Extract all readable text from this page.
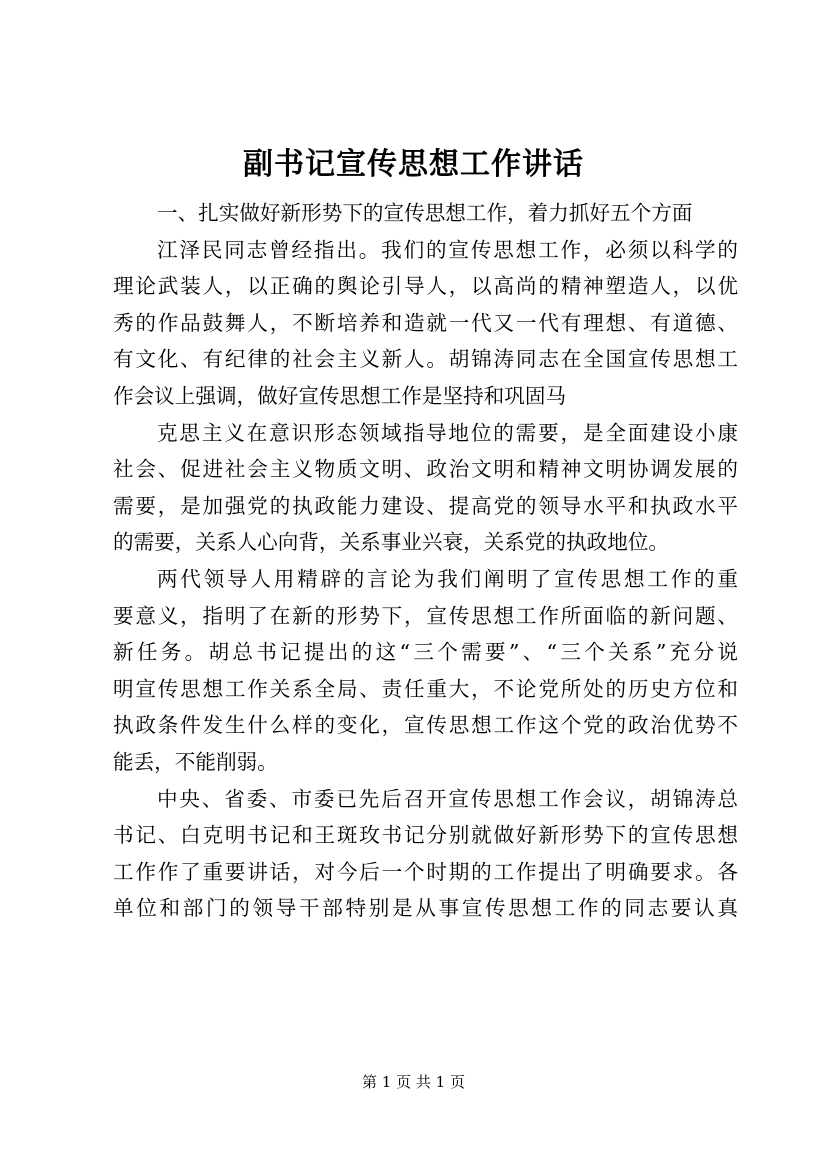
副书记宣传思想工作讲话
一、扎实做好新形势下的宣传思想工作，着力抓好五个方面
江泽民同志曾经指出。我们的宣传思想工作，必须以科学的
理论武装人，以正确的舆论引导人，以高尚的精神塑造人，以优
秀的作品鼓舞人，不断培养和造就一代又一代有理想、有道德、
有文化、有纪律的社会主义新人。胡锦涛同志在全国宣传思想工
作会议上强调，做好宣传思想工作是坚持和巩固马
克思主义在意识形态领域指导地位的需要，是全面建设小康
社会、促进社会主义物质文明、政治文明和精神文明协调发展的
需要，是加强党的执政能力建设、提高党的领导水平和执政水平
的需要，关系人心向背，关系事业兴衰，关系党的执政地位。
两代领导人用精辟的言论为我们阐明了宣传思想工作的重
要意义，指明了在新的形势下，宣传思想工作所面临的新问题、
新任务。胡总书记提出的这“三个需要”、“三个关系”充分说
明宣传思想工作关系全局、责任重大，不论党所处的历史方位和
执政条件发生什么样的变化，宣传思想工作这个党的政治优势不
能丢，不能削弱。
中央、省委、市委已先后召开宣传思想工作会议，胡锦涛总
书记、白克明书记和王斑玫书记分别就做好新形势下的宣传思想
工作作了重要讲话，对今后一个时期的工作提出了明确要求。各
单位和部门的领导干部特别是从事宣传思想工作的同志要认真
第 1 页 共 1 页
